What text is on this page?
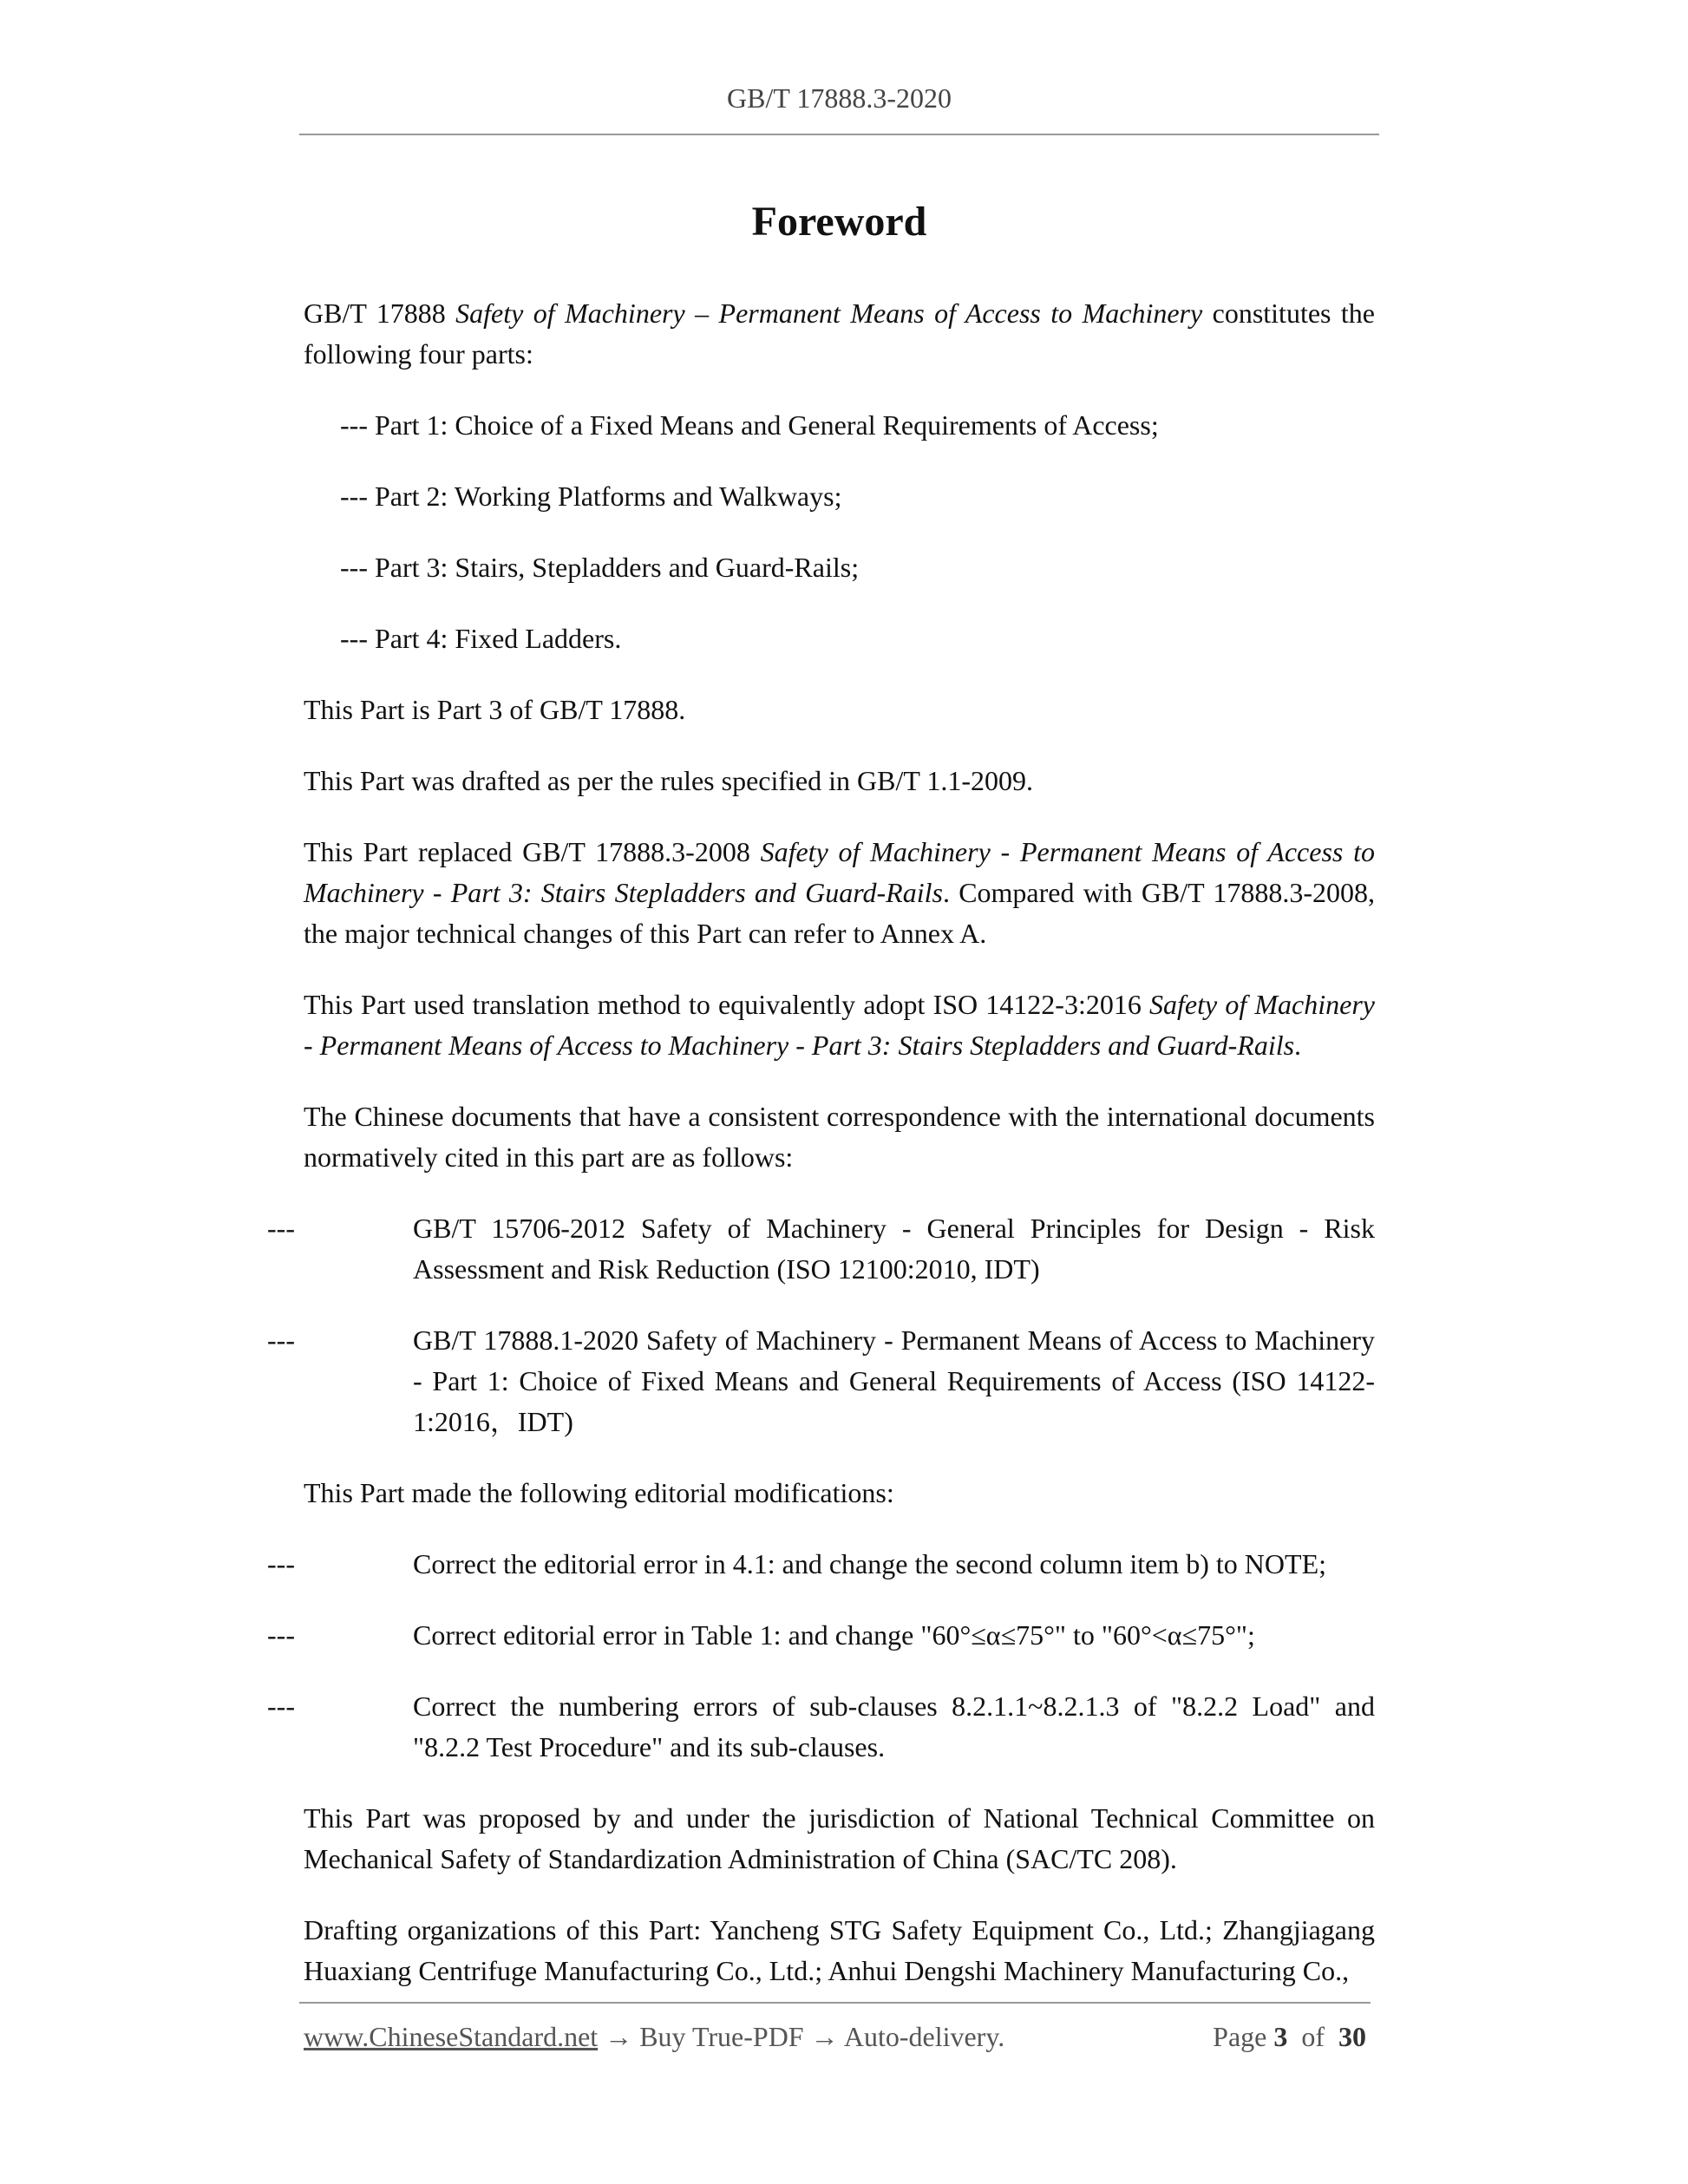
GB/T 17888.3-2020
Foreword

GB/T 17888 Safety of Machinery – Permanent Means of Access to Machinery constitutes the following four parts:

--- Part 1: Choice of a Fixed Means and General Requirements of Access;

--- Part 2: Working Platforms and Walkways;

--- Part 3: Stairs, Stepladders and Guard-Rails;

--- Part 4: Fixed Ladders.

This Part is Part 3 of GB/T 17888.

This Part was drafted as per the rules specified in GB/T 1.1-2009.

This Part replaced GB/T 17888.3-2008 Safety of Machinery - Permanent Means of Access to Machinery - Part 3: Stairs Stepladders and Guard-Rails. Compared with GB/T 17888.3-2008, the major technical changes of this Part can refer to Annex A.

This Part used translation method to equivalently adopt ISO 14122-3:2016 Safety of Machinery - Permanent Means of Access to Machinery - Part 3: Stairs Stepladders and Guard-Rails.

The Chinese documents that have a consistent correspondence with the international documents normatively cited in this part are as follows:

---	GB/T 15706-2012 Safety of Machinery - General Principles for Design - Risk Assessment and Risk Reduction (ISO 12100:2010, IDT)

---	GB/T 17888.1-2020 Safety of Machinery - Permanent Means of Access to Machinery - Part 1: Choice of Fixed Means and General Requirements of Access (ISO 14122-1:2016，IDT)

This Part made the following editorial modifications:

---	Correct the editorial error in 4.1: and change the second column item b) to NOTE;

---	Correct editorial error in Table 1: and change "60°≤α≤75°" to "60°<α≤75°";

---	Correct the numbering errors of sub-clauses 8.2.1.1~8.2.1.3 of "8.2.2 Load" and "8.2.2 Test Procedure" and its sub-clauses.

This Part was proposed by and under the jurisdiction of National Technical Committee on Mechanical Safety of Standardization Administration of China (SAC/TC 208).

Drafting organizations of this Part: Yancheng STG Safety Equipment Co., Ltd.; Zhangjiagang Huaxiang Centrifuge Manufacturing Co., Ltd.; Anhui Dengshi Machinery Manufacturing Co.,

www.ChineseStandard.net → Buy True-PDF → Auto-delivery.	Page 3 of 30
